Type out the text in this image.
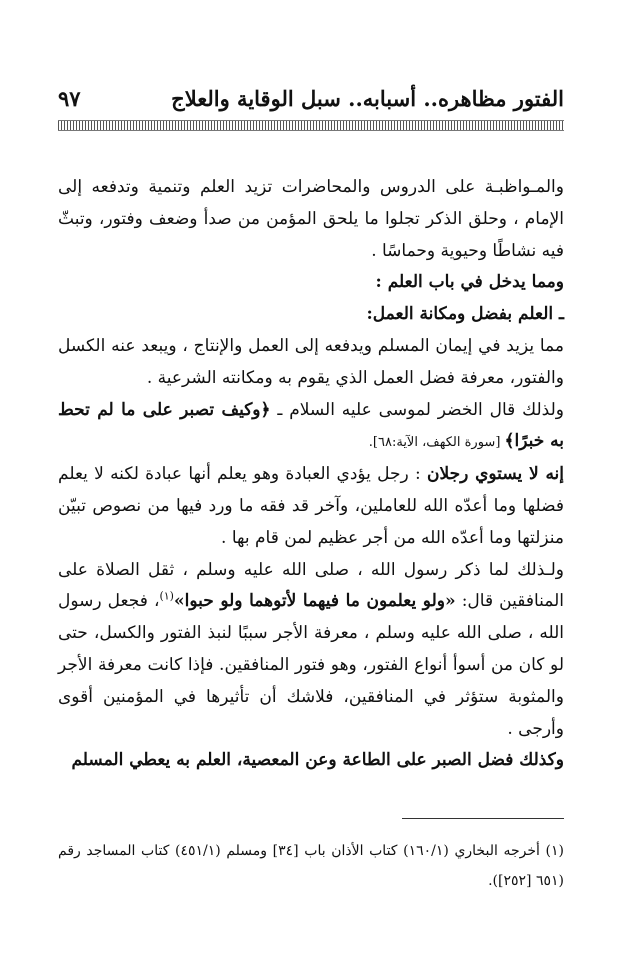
الفتور مظاهره.. أسبابه.. سبل الوقاية والعلاج
٩٧

والمـواظبـة على الدروس والمحاضرات تزيد العلم وتنمية وتدفعه إلى الإمام ، وحلق الذكر تجلوا ما يلحق المؤمن من صدأ وضعف وفتور، وتبثّ فيه نشاطًا وحيوية وحماسًا .

ومما يدخل في باب العلم :

ـ العلم بفضل ومكانة العمل:

مما يزيد في إيمان المسلم ويدفعه إلى العمل والإنتاج ، ويبعد عنه الكسل والفتور، معرفة فضل العمل الذي يقوم به ومكانته الشرعية .

ولذلك قال الخضر لموسى عليه السلام ـ ﴿وكيف تصبر على ما لم تحط به خبرًا﴾ [سورة الكهف، الآية:٦٨].

إنه لا يستوي رجلان : رجل يؤدي العبادة وهو يعلم أنها عبادة لكنه لا يعلم فضلها وما أعدّه الله للعاملين، وآخر قد فقه ما ورد فيها من نصوص تبيّن منزلتها وما أعدّه الله من أجر عظيم لمن قام بها .

ولـذلك لما ذكر رسول الله ، صلى الله عليه وسلم ، ثقل الصلاة على المنافقين قال: «ولو يعلمون ما فيهما لأتوهما ولو حبوا»$^{(١)}$، فجعل رسول الله ، صلى الله عليه وسلم ، معرفة الأجر سببًا لنبذ الفتور والكسل، حتى لو كان من أسوأ أنواع الفتور، وهو فتور المنافقين. فإذا كانت معرفة الأجر والمثوبة ستؤثر في المنافقين، فلاشك أن تأثيرها في المؤمنين أقوى وأرجى .

وكذلك فضل الصبر على الطاعة وعن المعصية، العلم به يعطي المسلم

(١) أخرجه البخاري (١٦٠/١) كتاب الأذان باب [٣٤] ومسلم (٤٥١/١) كتاب المساجد رقم (٦٥١ [٢٥٢]).
